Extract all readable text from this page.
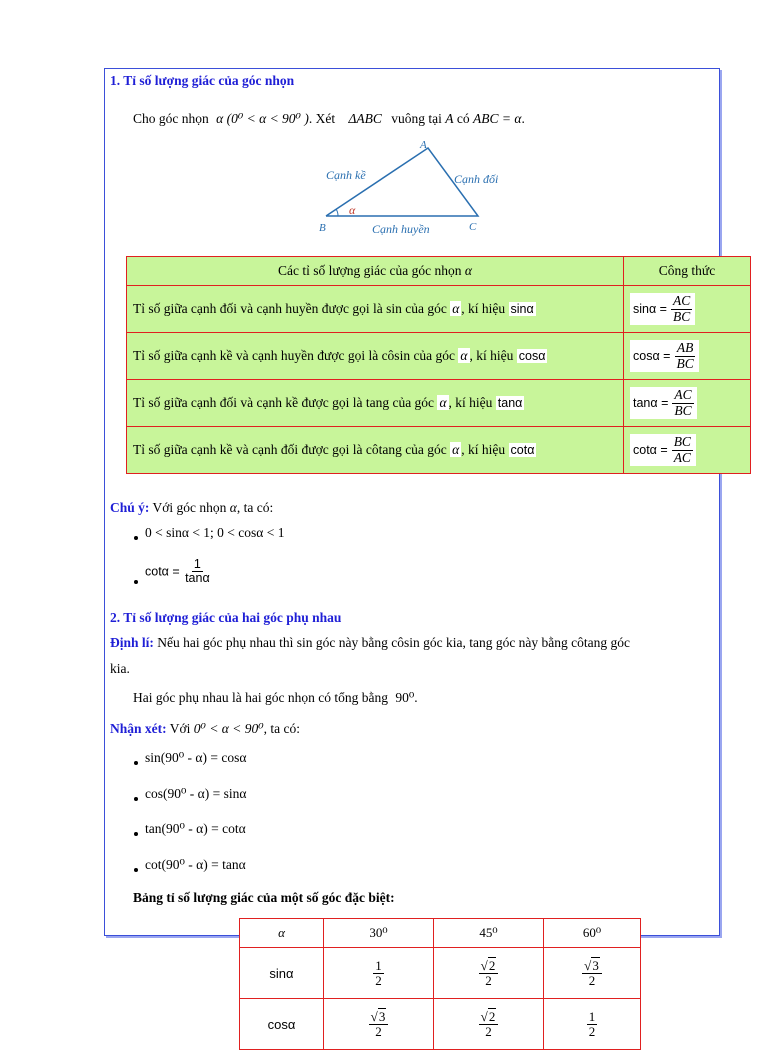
1. Tỉ số lượng giác của góc nhọn
Cho góc nhọn α (0⁰ < α < 90⁰ ). Xét ΔABC vuông tại A có ABC = α.
A
B	C
α
Cạnh kề	Cạnh đối
Cạnh huyền
Các tỉ số lượng giác của góc nhọn α	Công thức
Tỉ số giữa cạnh đối và cạnh huyền được gọi là sin của góc α , kí hiệu sinα	$\sin\alpha = \frac{AC}{BC}$

Tỉ số giữa cạnh kề và cạnh huyền được gọi là côsin của góc α , kí hiệu cosα	$\cos\alpha = \frac{AB}{BC}$

Tỉ số giữa cạnh đối và cạnh kề được gọi là tang của góc α , kí hiệu tanα	$\tan\alpha = \frac{AC}{BC}$

Tỉ số giữa cạnh kề và cạnh đối được gọi là côtang của góc α , kí hiệu cotα	$\cot\alpha = \frac{BC}{AC}$
Chú ý: Với góc nhọn α, ta có:
0 < sinα < 1; 0 < cosα < 1
$\cot\alpha = \frac{1}{\tan\alpha}$
2. Tỉ số lượng giác của hai góc phụ nhau
Định lí: Nếu hai góc phụ nhau thì sin góc này bằng côsin góc kia, tang góc này bằng côtang góc
kia.
Hai góc phụ nhau là hai góc nhọn có tổng bằng 90⁰.
Nhận xét: Với 0⁰ < α < 90⁰, ta có:
sin(90⁰ - α) = cosα
cos(90⁰ - α) = sinα
tan(90⁰ - α) = cotα
cot(90⁰ - α) = tanα
Bảng tỉ số lượng giác của một số góc đặc biệt:
α	30⁰	45⁰	60⁰
sinα	$\frac{1}{2}$	$\frac{√2}{2}$	$\frac{√3}{2}$

cosα	$\frac{√3}{2}$	$\frac{√2}{2}$	$\frac{1}{2}$
